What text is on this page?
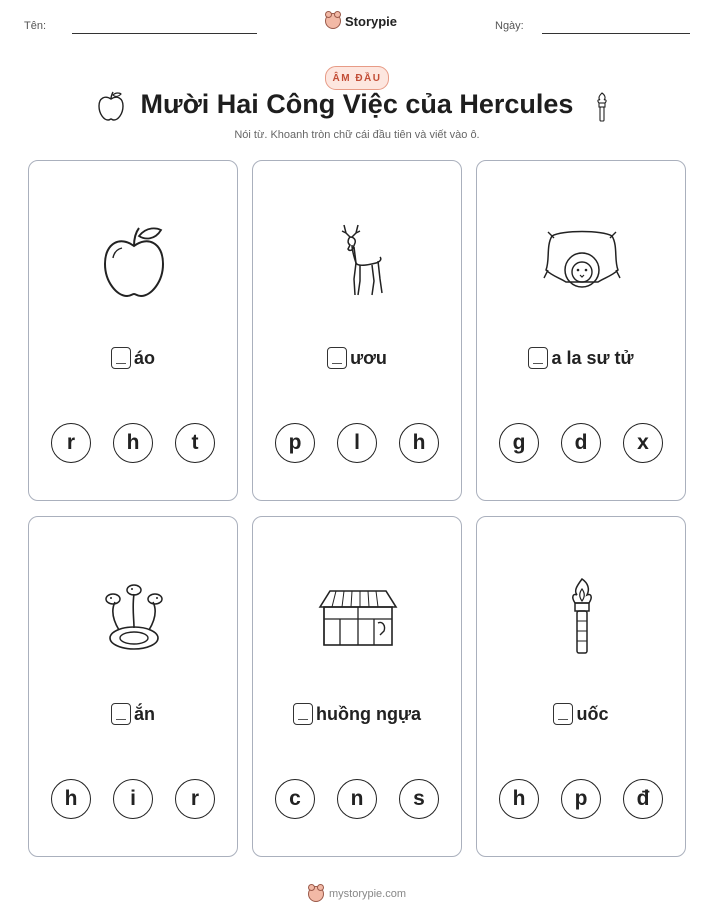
Tên:	Storypie	Ngày:
ÂM ĐẦU
Mười Hai Công Việc của Hercules
Nói từ. Khoanh tròn chữ cái đầu tiên và viết vào ô.
áo
r	h	t
ươu
p	l	h
a la sư tử
g	d	x
ắn
h	i	r
huồng ngựa
c	n	s
uốc
h	p	đ
mystorypie.com
